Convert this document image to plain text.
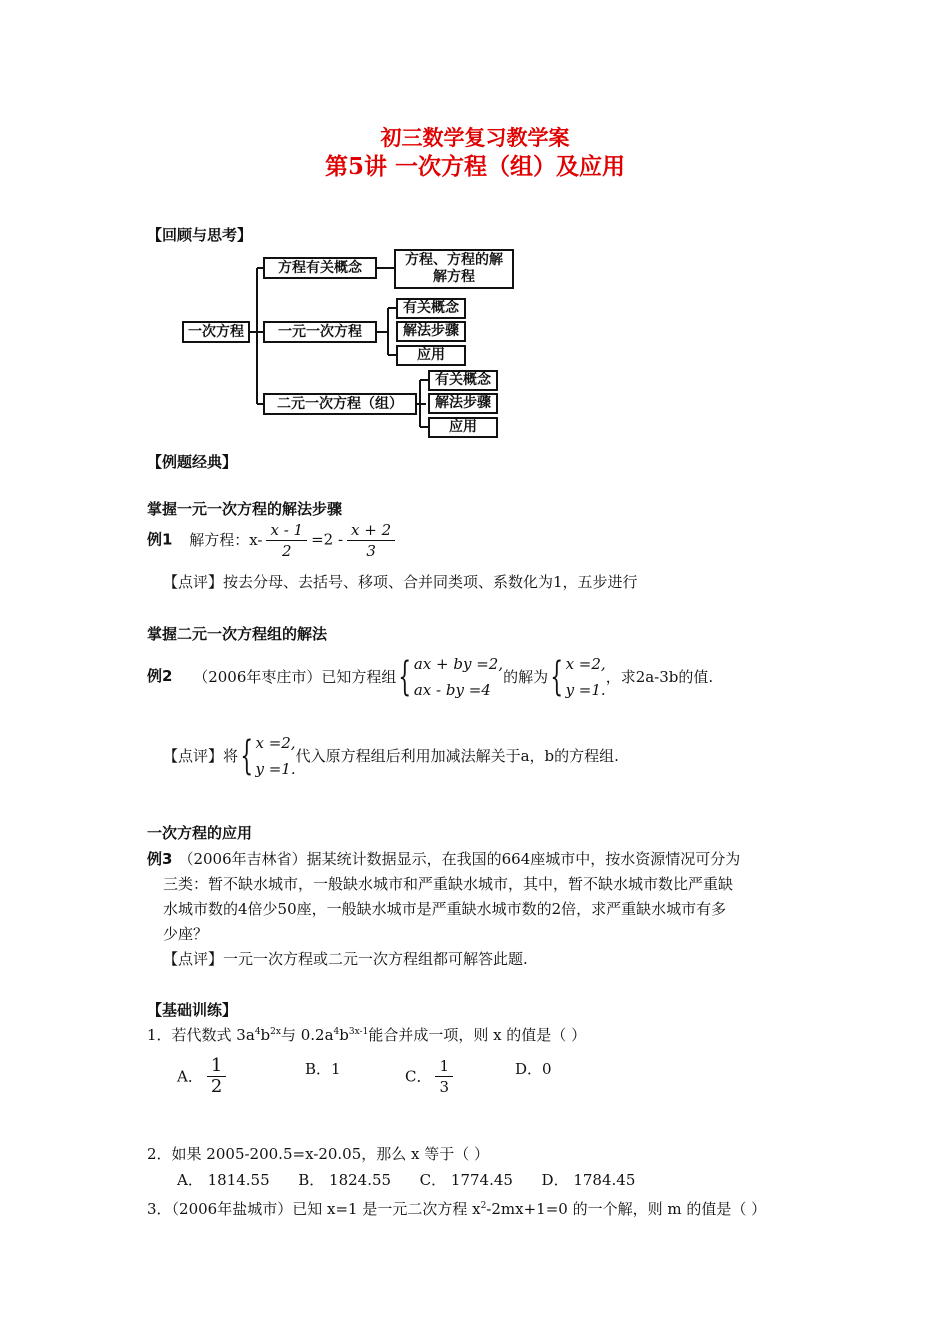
初三数学复习教学案
第5讲 一次方程（组）及应用
【回顾与思考】
一次方程
方程有关概念	方程、方程的解解方程
一元一次方程
有关概念
解法步骤
应用
二元一次方程（组）
有关概念
解法步骤
应用
【例题经典】
掌握一元一次方程的解法步骤
例1 解方程：$x- \frac{x - 1}{2} =2 - \frac{x + 2}{3}$
【点评】按去分母、去括号、移项、合并同类项、系数化为1，五步进行
掌握二元一次方程组的解法
例2 （2006年枣庄市）已知方程组{ ax + by =2,
ax - by =4
的解为{ x =2,
y =1.
，求2a-3b的值.
【点评】将{ x =2,
y =1.
代入原方程组后利用加减法解关于a，b的方程组.
一次方程的应用
例3 （2006年吉林省）据某统计数据显示，在我国的664座城市中，按水资源情况可分为
三类：暂不缺水城市，一般缺水城市和严重缺水城市，其中，暂不缺水城市数比严重缺
水城市数的4倍少50座，一般缺水城市是严重缺水城市数的2倍，求严重缺水城市有多
少座？
【点评】一元一次方程或二元一次方程组都可解答此题.
【基础训练】
1．若代数式 $3a^4b^{2x}$与 $0.2a^4b^{3x-1}$能合并成一项，则 x 的值是（ ）
A． $\frac{1}{2}$	B．1	C． $\frac{1}{3}$	D．0
2．如果 2005-200.5=x-20.05，那么 x 等于（ ）
A． 1814.55      B． 1824.55      C． 1774.45      D． 1784.45
3．（2006年盐城市）已知 x=1 是一元二次方程 $x^2-2mx+1=0$ 的一个解，则 m 的值是（ ）
